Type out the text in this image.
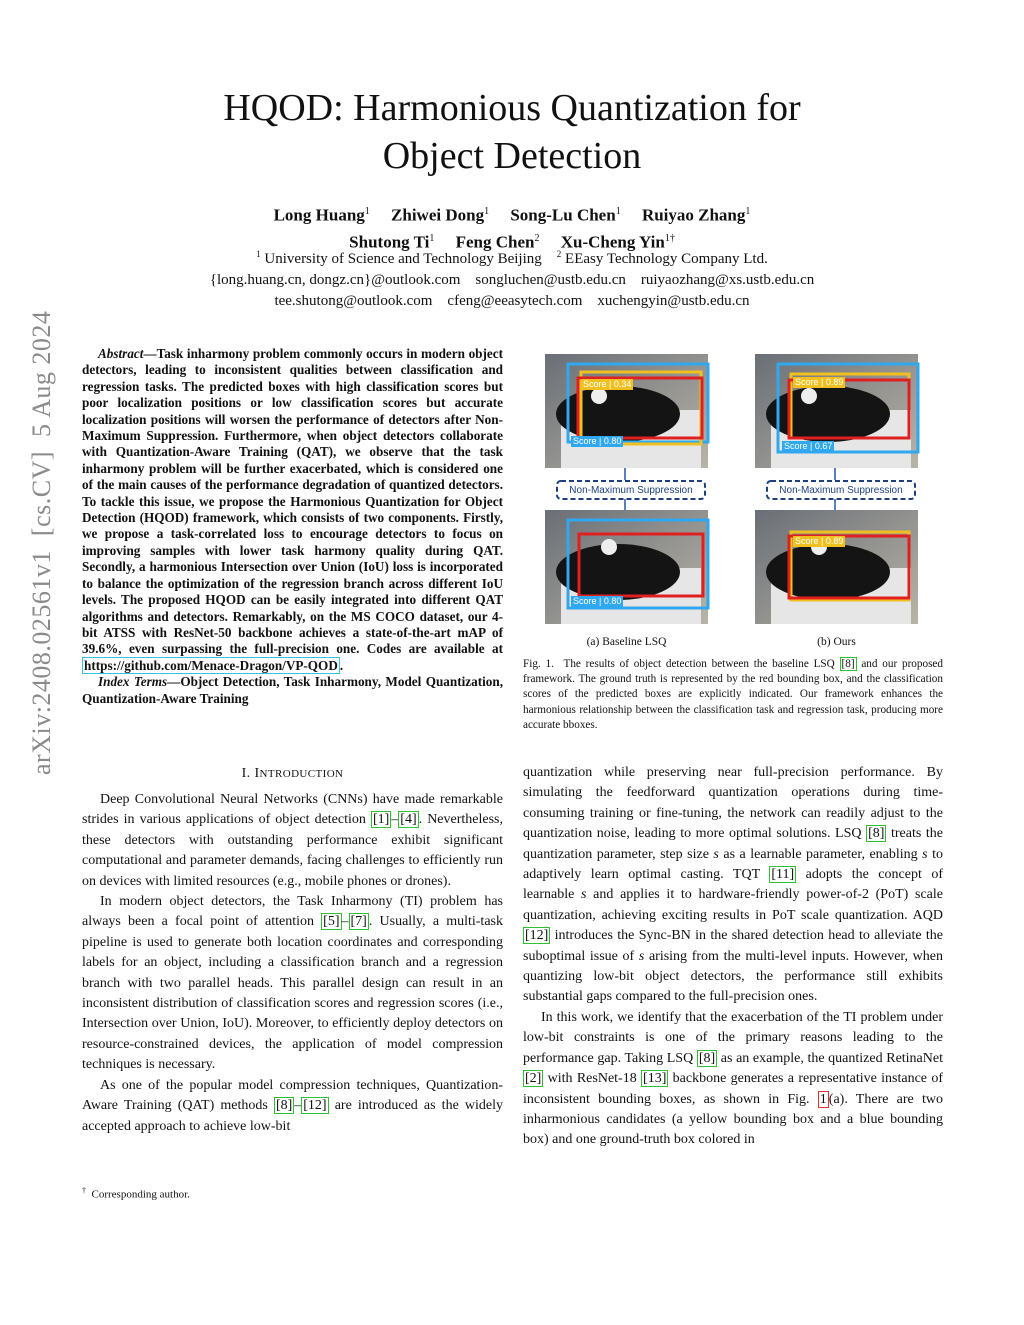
HQOD: Harmonious Quantization for
Object Detection
Long Huang$^1$ Zhiwei Dong$^1$ Song-Lu Chen$^1$ Ruiyao Zhang$^1$
Shutong Ti$^1$ Feng Chen$^2$ Xu-Cheng Yin$^{1\dagger}$
$^1$ University of Science and Technology Beijing $^2$ EEasy Technology Company Ltd.
{long.huang.cn, dongz.cn}@outlook.com    songluchen@ustb.edu.cn    ruiyaozhang@xs.ustb.edu.cn
tee.shutong@outlook.com    cfeng@eeasytech.com    xuchengyin@ustb.edu.cn
arXiv:2408.02561v1  [cs.CV]  5 Aug 2024	Abstract—Task inharmony problem commonly occurs in modern object detectors, leading to inconsistent qualities between classification and regression tasks. The predicted boxes with high classification scores but poor localization positions or low classification scores but accurate localization positions will worsen the performance of detectors after Non-Maximum Suppression. Furthermore, when object detectors collaborate with Quantization-Aware Training (QAT), we observe that the task inharmony problem will be further exacerbated, which is considered one of the main causes of the performance degradation of quantized detectors. To tackle this issue, we propose the Harmonious Quantization for Object Detection (HQOD) framework, which consists of two components. Firstly, we propose a task-correlated loss to encourage detectors to focus on improving samples with lower task harmony quality during QAT. Secondly, a harmonious Intersection over Union (IoU) loss is incorporated to balance the optimization of the regression branch across different IoU levels. The proposed HQOD can be easily integrated into different QAT algorithms and detectors. Remarkably, on the MS COCO dataset, our 4-bit ATSS with ResNet-50 backbone achieves a state-of-the-art mAP of 39.6%, even surpassing the full-precision one. Codes are available at https://github.com/Menace-Dragon/VP-QOD .
Index Terms—Object Detection, Task Inharmony, Model Quantization, Quantization-Aware Training
I. INTRODUCTION

Deep Convolutional Neural Networks (CNNs) have made remarkable strides in various applications of object detection [1] – [4] . Nevertheless, these detectors with outstanding performance exhibit significant computational and parameter demands, facing challenges to efficiently run on devices with limited resources (e.g., mobile phones or drones).

In modern object detectors, the Task Inharmony (TI) problem has always been a focal point of attention [5] – [7] . Usually, a multi-task pipeline is used to generate both location coordinates and corresponding labels for an object, including a classification branch and a regression branch with two parallel heads. This parallel design can result in an inconsistent distribution of classification scores and regression scores (i.e., Intersection over Union, IoU). Moreover, to efficiently deploy detectors on resource-constrained devices, the application of model compression techniques is necessary.

As one of the popular model compression techniques, Quantization-Aware Training (QAT) methods [8] – [12] are introduced as the widely accepted approach to achieve low-bit

† Corresponding author.
Non-Maximum Suppression	Non-Maximum Suppression
Score | 0.34
Score | 0.80
Score | 0.89
Score | 0.67
Score | 0.80
Score | 0.89
(a) Baseline LSQ	(b) Ours
Fig. 1. The results of object detection between the baseline LSQ [8] and our proposed framework. The ground truth is represented by the red bounding box, and the classification scores of the predicted boxes are explicitly indicated. Our framework enhances the harmonious relationship between the classification task and regression task, producing more accurate bboxes.

quantization while preserving near full-precision performance. By simulating the feedforward quantization operations during time-consuming training or fine-tuning, the network can readily adjust to the quantization noise, leading to more optimal solutions. LSQ [8] treats the quantization parameter, step size s as a learnable parameter, enabling s to adaptively learn optimal casting. TQT [11] adopts the concept of learnable s and applies it to hardware-friendly power-of-2 (PoT) scale quantization, achieving exciting results in PoT scale quantization. AQD [12] introduces the Sync-BN in the shared detection head to alleviate the suboptimal issue of s arising from the multi-level inputs. However, when quantizing low-bit object detectors, the performance still exhibits substantial gaps compared to the full-precision ones.

In this work, we identify that the exacerbation of the TI problem under low-bit constraints is one of the primary reasons leading to the performance gap. Taking LSQ [8] as an example, the quantized RetinaNet [2] with ResNet-18 [13] backbone generates a representative instance of inconsistent bounding boxes, as shown in Fig. 1 (a). There are two inharmonious candidates (a yellow bounding box and a blue bounding box) and one ground-truth box colored in
